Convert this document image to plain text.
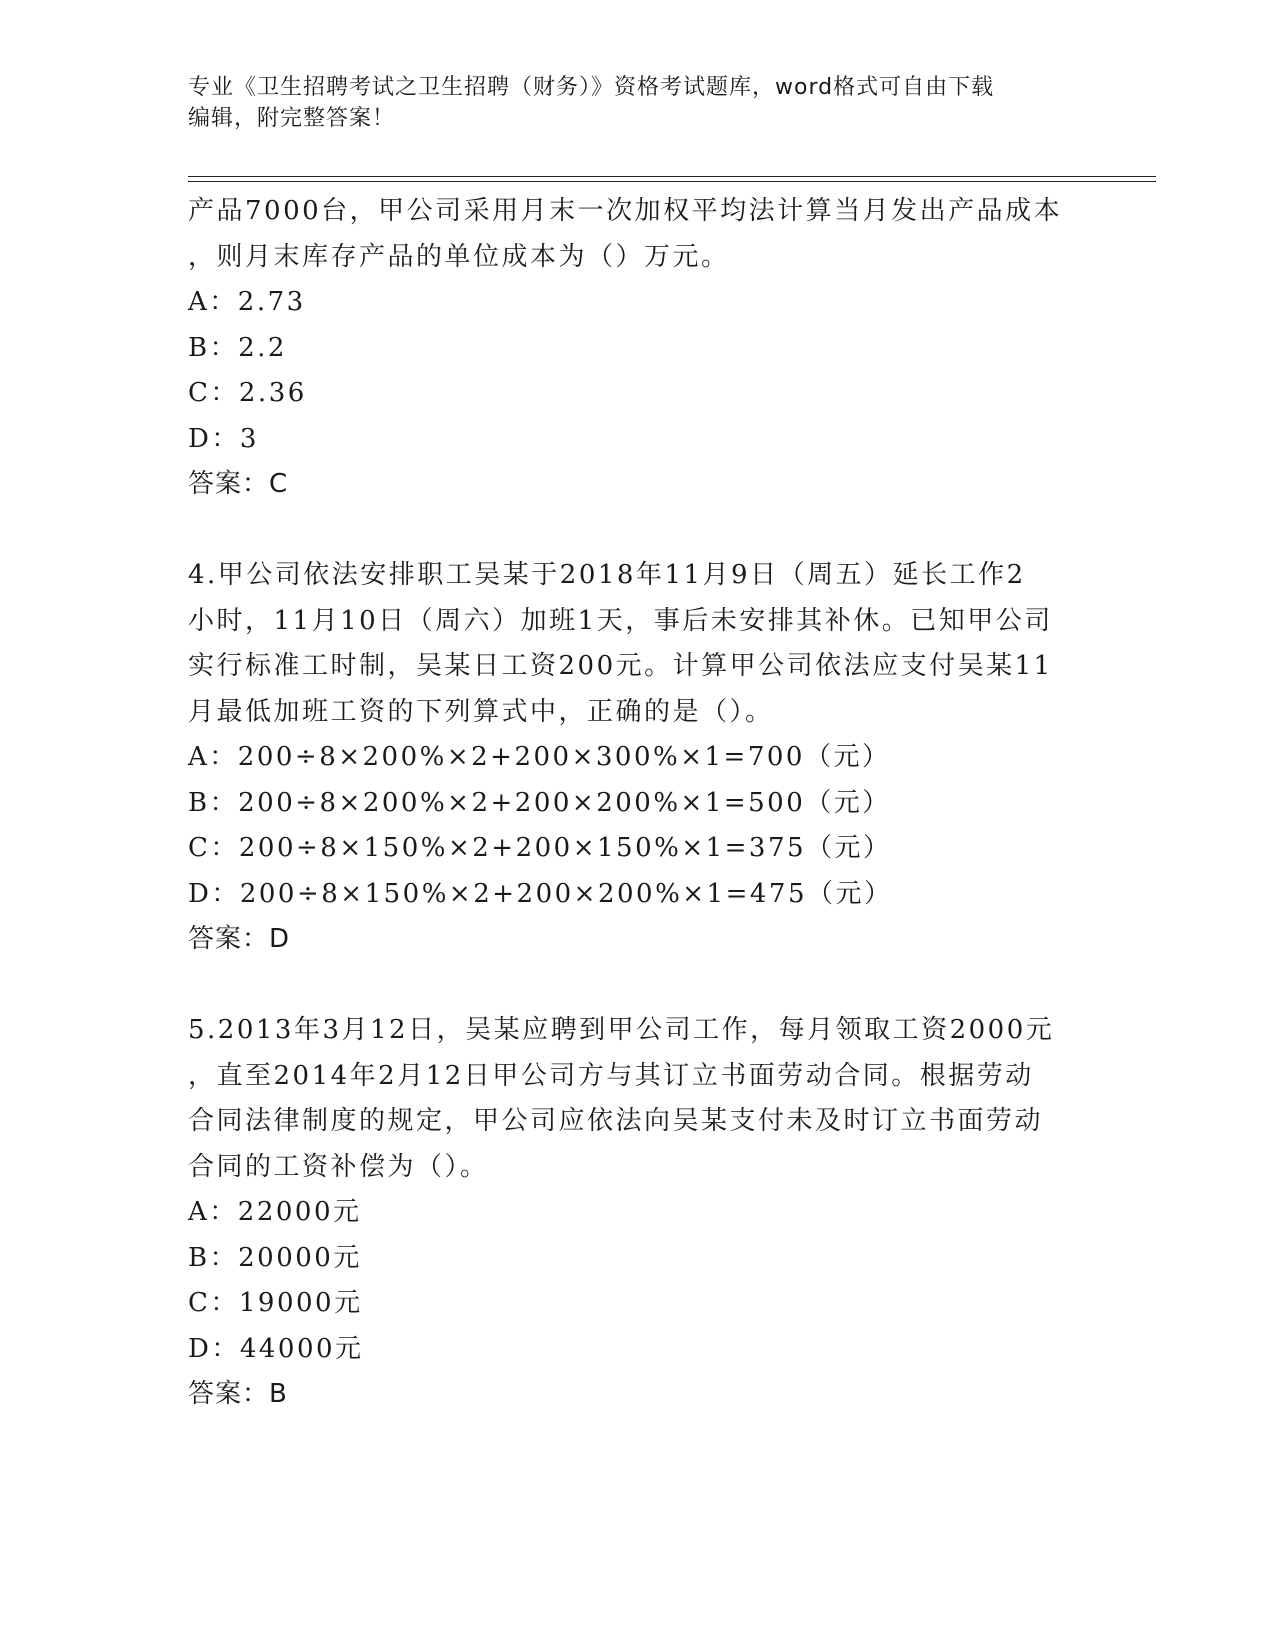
专业《卫生招聘考试之卫生招聘（财务）》资格考试题库，word格式可自由下载
编辑，附完整答案！
产品7000台，甲公司采用月末一次加权平均法计算当月发出产品成本
，则月末库存产品的单位成本为（）万元。
A：2.73
B：2.2
C：2.36
D：3
答案：C
4.甲公司依法安排职工吴某于2018年11月9日（周五）延长工作2
小时，11月10日（周六）加班1天，事后未安排其补休。已知甲公司
实行标准工时制，吴某日工资200元。计算甲公司依法应支付吴某11
月最低加班工资的下列算式中，正确的是（）。
A：200÷8×200%×2+200×300%×1=700（元）
B：200÷8×200%×2+200×200%×1=500（元）
C：200÷8×150%×2+200×150%×1=375（元）
D：200÷8×150%×2+200×200%×1=475（元）
答案：D
5.2013年3月12日，吴某应聘到甲公司工作，每月领取工资2000元
，直至2014年2月12日甲公司方与其订立书面劳动合同。根据劳动
合同法律制度的规定，甲公司应依法向吴某支付未及时订立书面劳动
合同的工资补偿为（）。
A：22000元
B：20000元
C：19000元
D：44000元
答案：B
